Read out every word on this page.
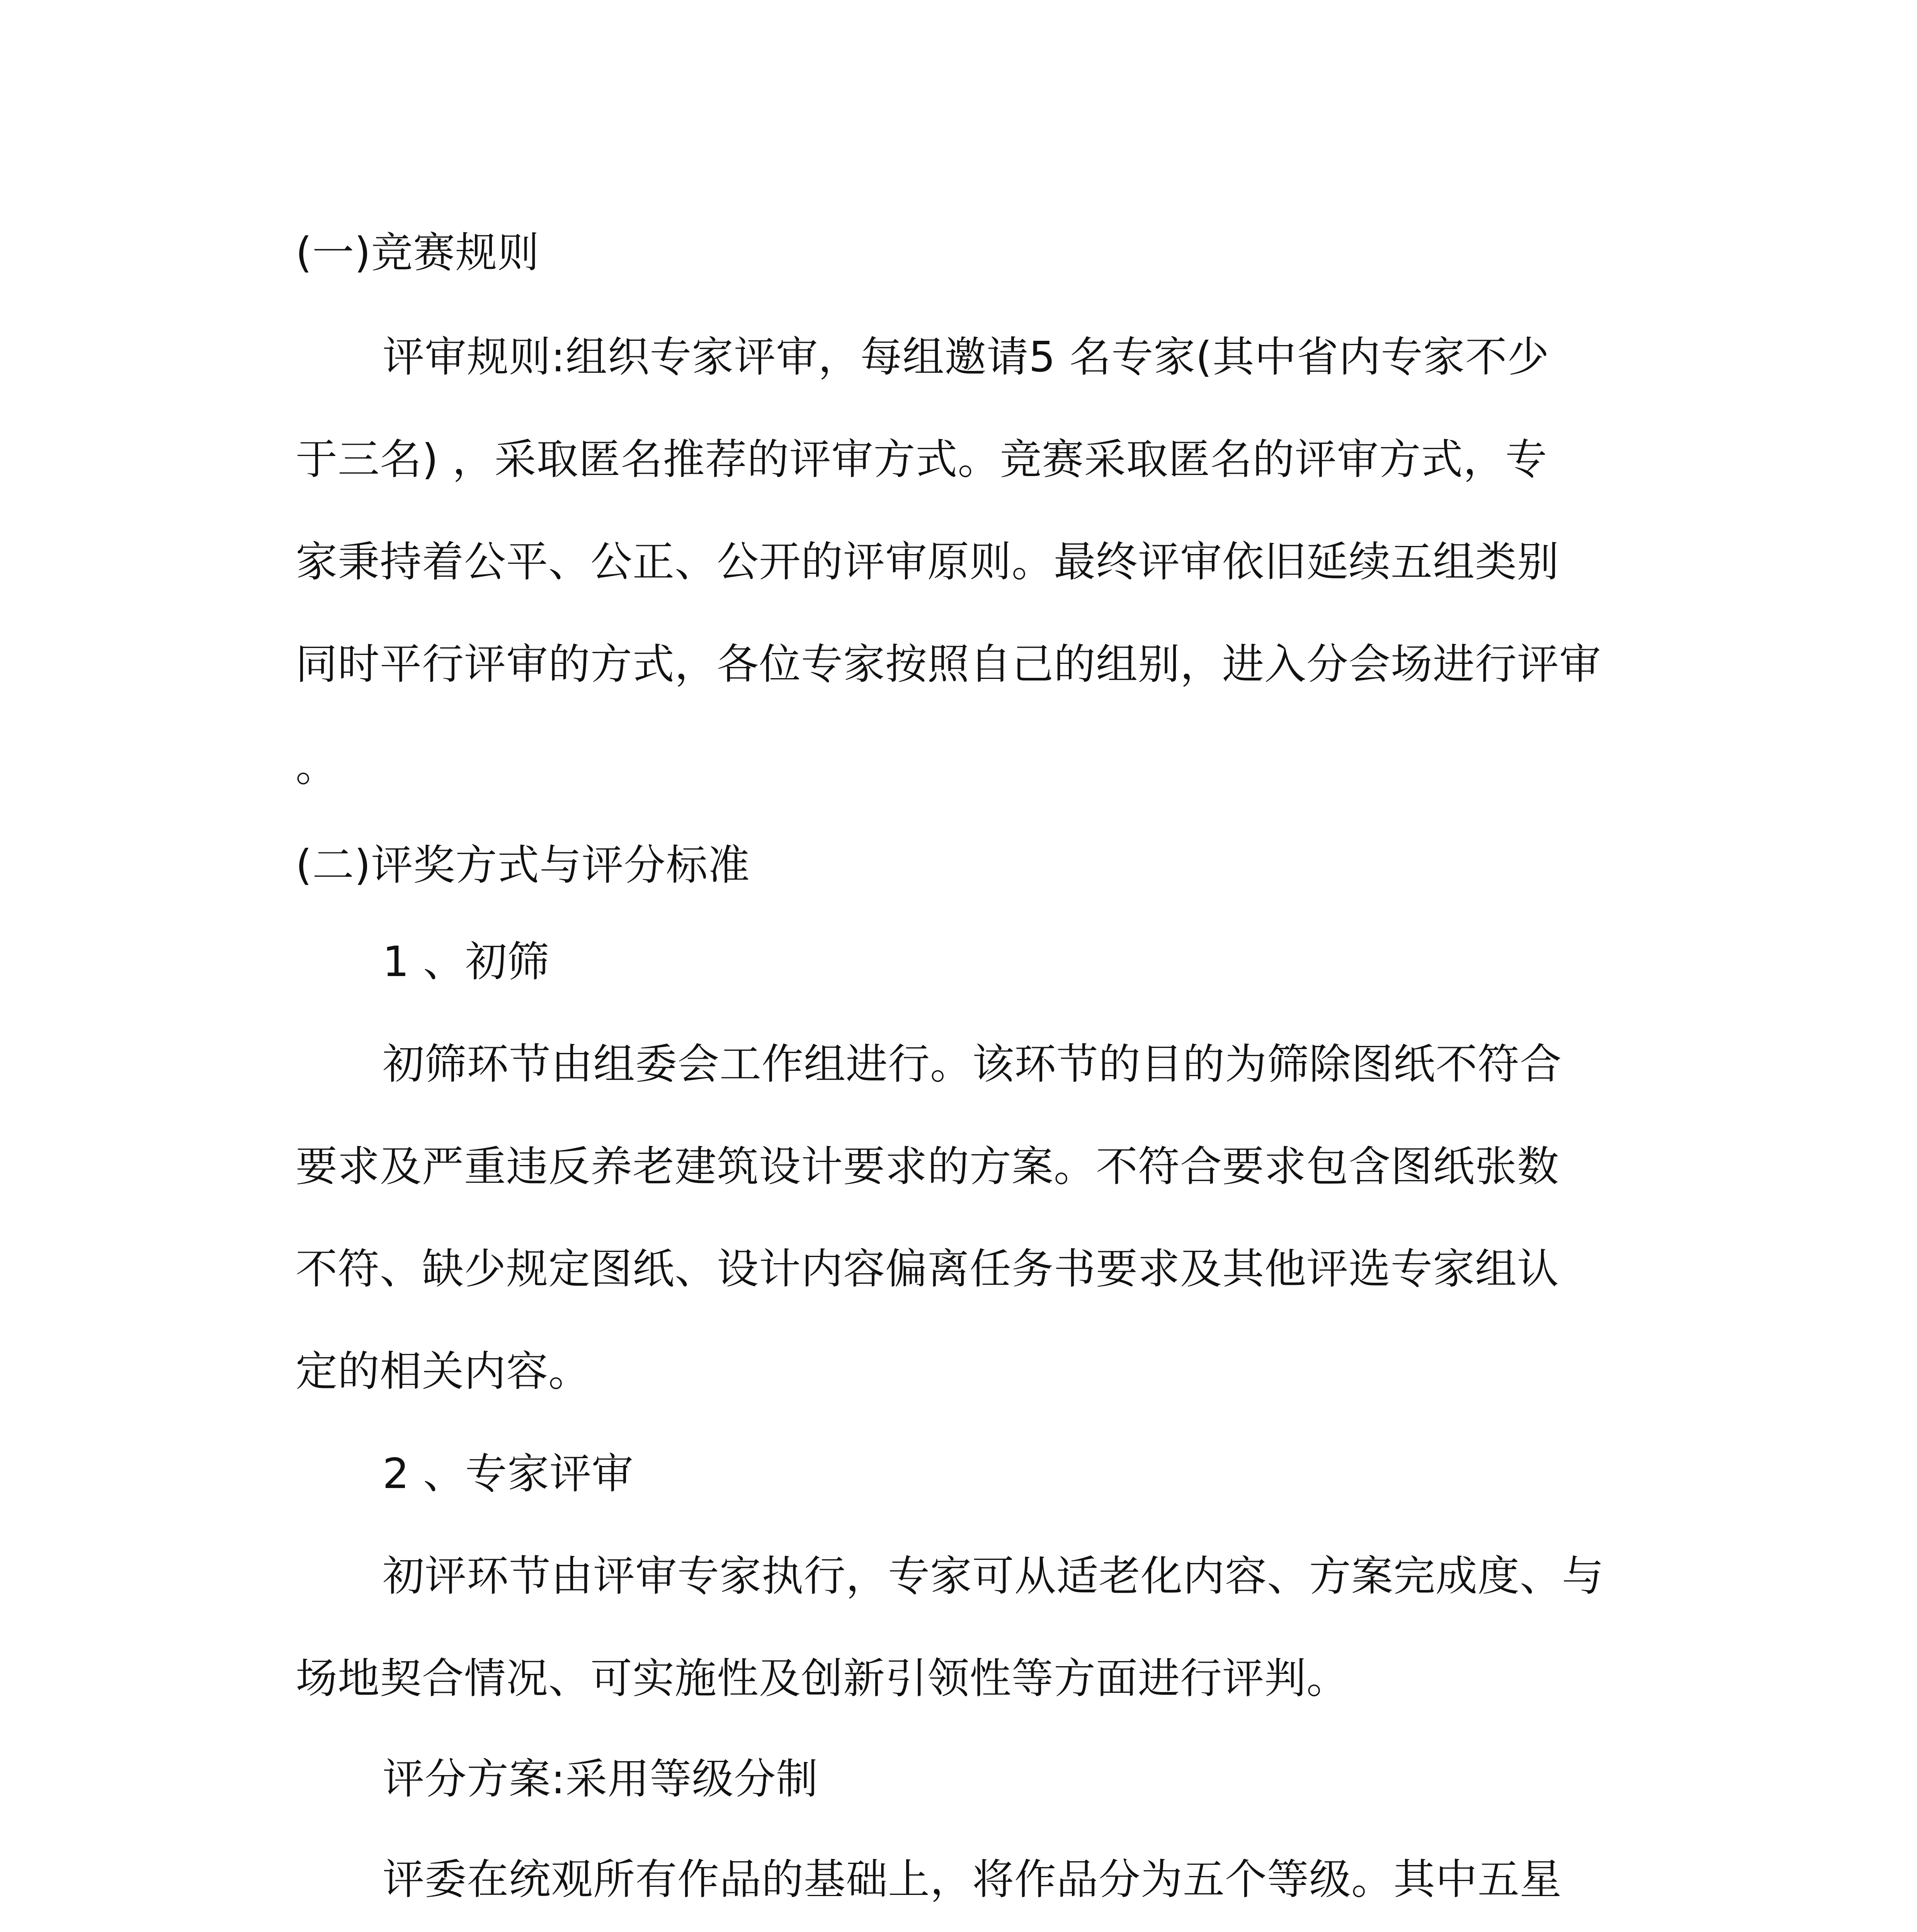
(一)竞赛规则
评审规则:组织专家评审，每组邀请5 名专家(其中省内专家不少
于三名) ，采取匿名推荐的评审方式。竞赛采取匿名的评审方式，专
家秉持着公平、公正、公开的评审原则。最终评审依旧延续五组类别
同时平行评审的方式，各位专家按照自己的组别，进入分会场进行评审
。
(二)评奖方式与评分标准
1 、初筛
初筛环节由组委会工作组进行。该环节的目的为筛除图纸不符合
要求及严重违反养老建筑设计要求的方案。不符合要求包含图纸张数
不符、缺少规定图纸、设计内容偏离任务书要求及其他评选专家组认
定的相关内容。
2 、专家评审
初评环节由评审专家执行，专家可从适老化内容、方案完成度、与
场地契合情况、可实施性及创新引领性等方面进行评判。
评分方案:采用等级分制
评委在统观所有作品的基础上，将作品分为五个等级。其中五星
